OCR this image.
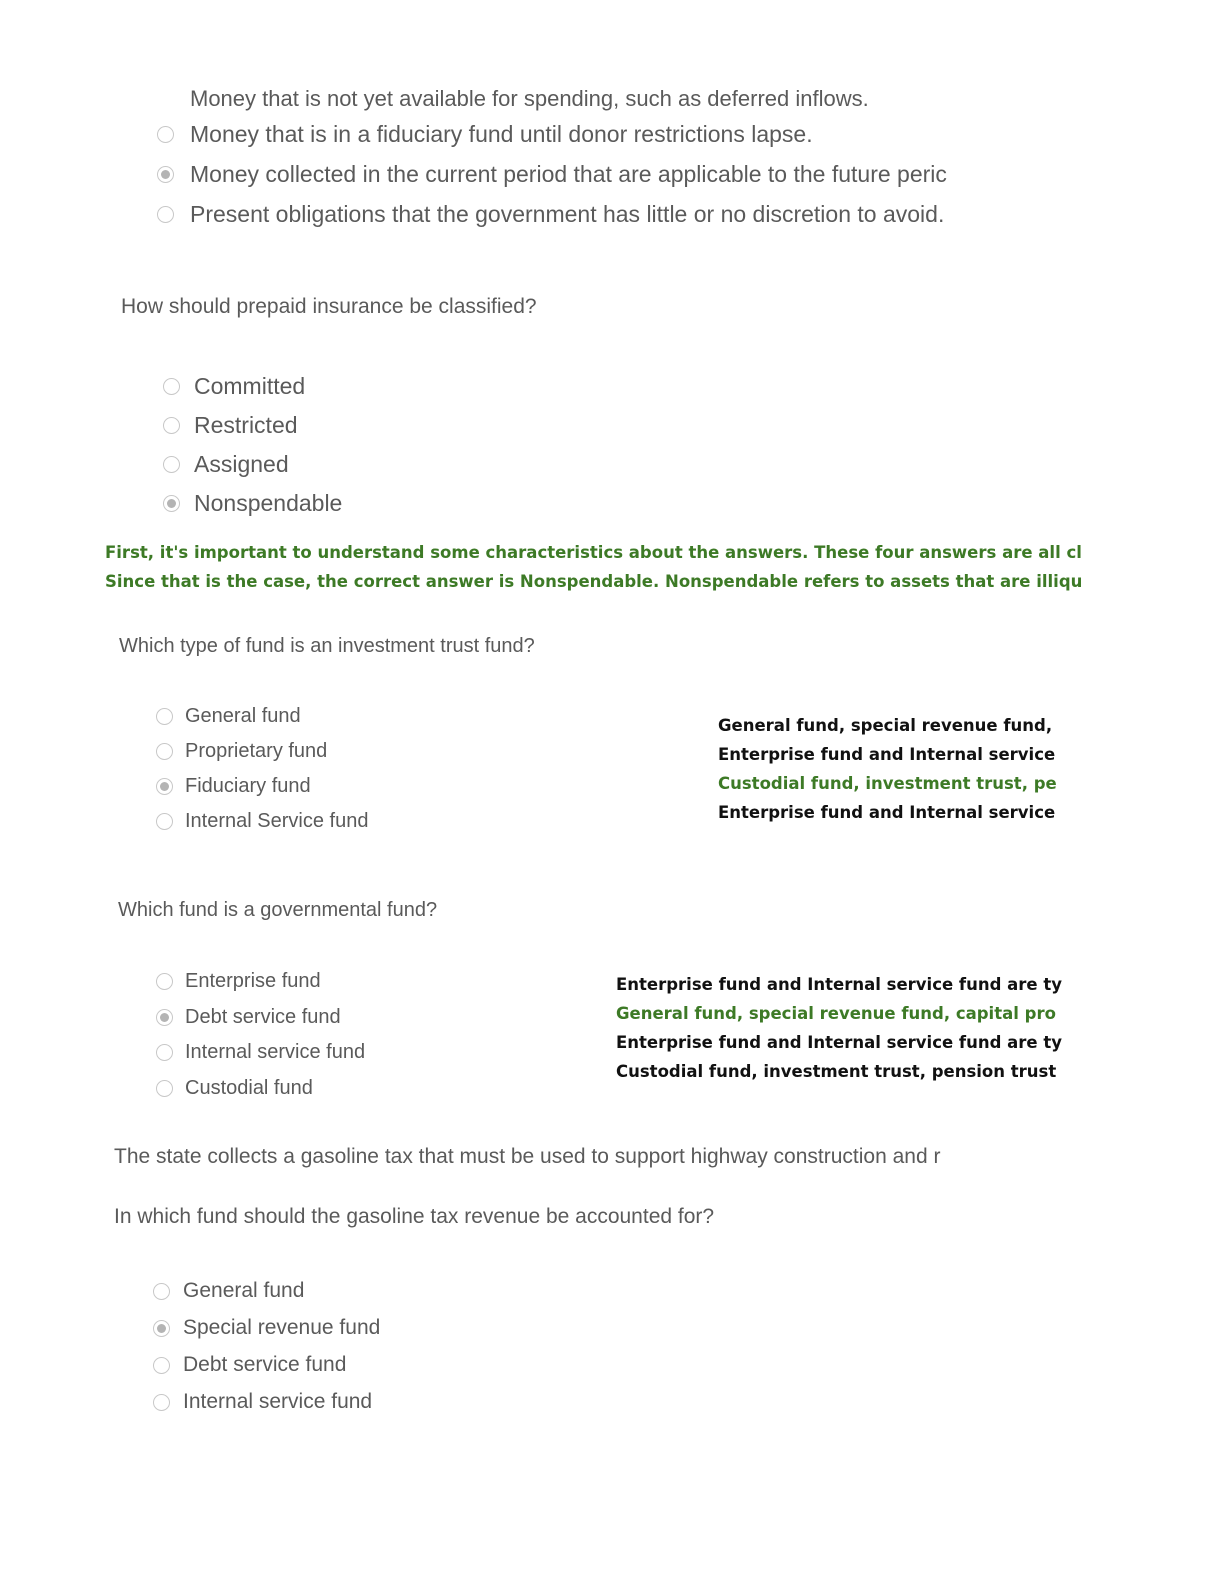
Money that is not yet available for spending, such as deferred inflows.
Money that is in a fiduciary fund until donor restrictions lapse.
Money collected in the current period that are applicable to the future peric
Present obligations that the government has little or no discretion to avoid.
How should prepaid insurance be classified?
Committed
Restricted
Assigned
Nonspendable
First, it's important to understand some characteristics about the answers. These four answers are all cl
Since that is the case, the correct answer is Nonspendable. Nonspendable refers to assets that are illiqu
Which type of fund is an investment trust fund?
General fund
Proprietary fund
Fiduciary fund
Internal Service fund
General fund, special revenue fund,
Enterprise fund and Internal service
Custodial fund, investment trust, pe
Enterprise fund and Internal service
Which fund is a governmental fund?
Enterprise fund
Debt service fund
Internal service fund
Custodial fund
Enterprise fund and Internal service fund are ty
General fund, special revenue fund, capital pro
Enterprise fund and Internal service fund are ty
Custodial fund, investment trust, pension trust
The state collects a gasoline tax that must be used to support highway construction and r
In which fund should the gasoline tax revenue be accounted for?
General fund
Special revenue fund
Debt service fund
Internal service fund
